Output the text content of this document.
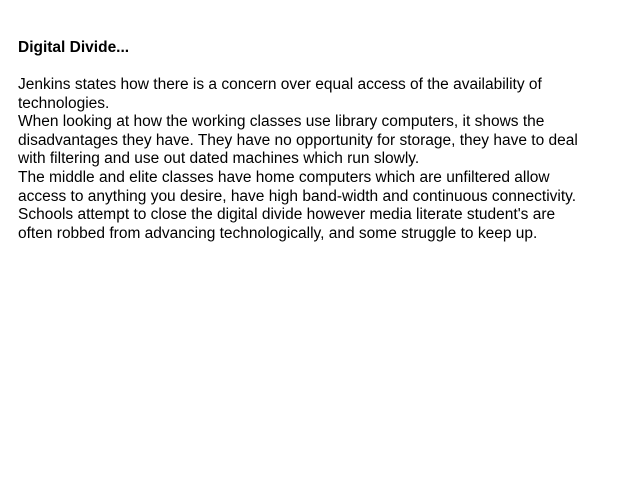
Digital Divide...
Jenkins states how there is a concern over equal access of the availability of
technologies.
When looking at how the working classes use library computers, it shows the
disadvantages they have. They have no opportunity for storage, they have to deal
with filtering and use out dated machines which run slowly.
The middle and elite classes have home computers which are unfiltered allow
access to anything you desire, have high band-width and continuous connectivity.
Schools attempt to close the digital divide however media literate student's are
often robbed from advancing technologically, and some struggle to keep up.
